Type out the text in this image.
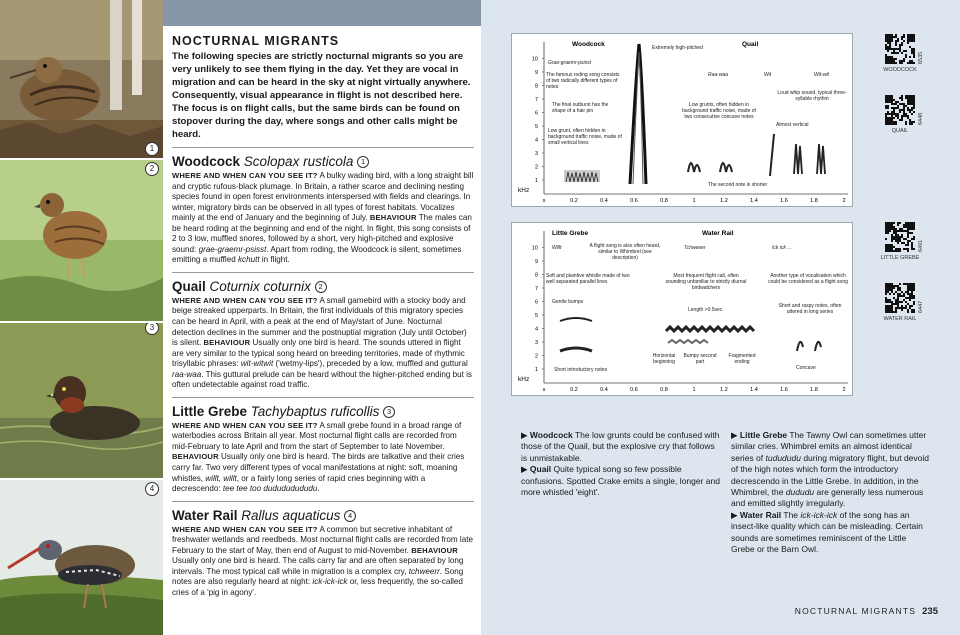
1
2
3
4
NOCTURNAL MIGRANTS

The following species are strictly nocturnal migrants so you are very unlikely to see them flying in the day. Yet they are vocal in migration and can be heard in the sky at night virtually anywhere. Consequently, visual appearance in flight is not described here. The focus is on flight calls, but the same birds can be found on stopover during the day, where songs and other calls might be heard.

Woodcock Scolopax rusticola 1

WHERE AND WHEN CAN YOU SEE IT? A bulky wading bird, with a long straight bill and cryptic rufous-black plumage. In Britain, a rather scarce and declining nesting species found in open forest environments interspersed with fields and clearings. In winter, migratory birds can be observed in all types of forest habitats. Vocalizes mainly at the end of January and the beginning of July. BEHAVIOUR The males can be heard roding at the beginning and end of the night. In flight, this song consists of 2 to 3 low, muffled snores, followed by a short, very high-pitched and explosive sound: grae-graemr-psisst. Apart from roding, the Woodcock is silent, sometimes emitting a muffled kchutt in flight.

Quail Coturnix coturnix 2

WHERE AND WHEN CAN YOU SEE IT? A small gamebird with a stocky body and beige streaked upperparts. In Britain, the first individuals of this migratory species can be heard in April, with a peak at the end of May/start of June. Nocturnal detection declines in the summer and the postnuptial migration (July until October) is silent. BEHAVIOUR Usually only one bird is heard. The sounds uttered in flight are very similar to the typical song heard on breeding territories, made of rhythmic trisyllabic phrases: wit-witwit ('wetmy-lips'), preceded by a low, muffled and guttural raa-waa. This guttural prelude can be heard without the higher-pitched ending but is often undetectable against road traffic.

Little Grebe Tachybaptus ruficollis 3

WHERE AND WHEN CAN YOU SEE IT? A small grebe found in a broad range of waterbodies across Britain all year. Most nocturnal flight calls are recorded from mid-February to late April and from the start of September to late November. BEHAVIOUR Usually only one bird is heard. The birds are talkative and their cries carry far. Two very different types of vocal manifestations at night: soft, moaning whistles, willt, willt, or a fairly long series of rapid cries beginning with a decrescendo: tee tee too dudududududu.

Water Rail Rallus aquaticus 4

WHERE AND WHEN CAN YOU SEE IT? A common but secretive inhabitant of freshwater wetlands and reedbeds. Most nocturnal flight calls are recorded from late February to the start of May, then end of August to mid-November. BEHAVIOUR Usually only one bird is heard. The calls carry far and are often separated by long intervals. The most typical call while in migration is a complex cry, tchweerr. Song notes are also regularly heard at night: ick-ick-ick or, less frequently, the so-called cries of a 'pig in agony'.

1
2
3
4
5
6
7
8
9
10
s	0.2	0.4	0.6	0.8	1	1.2	1.4	1.6	1.8	2
kHz
Woodcock	Quail
Grae-graemr-psisst
Extremely high-pitched
The famous roding song consists of two radically different types of notes
The final outburst has the shape of a hair pin
Low grunt, often hidden in background traffic noise, made of small vertical lines
Raa-waa	Wit	Wit-wit
Loud whip sound, typical three-syllable rhythm
Low grunts, often hidden in background traffic noise, made of two consecutive concave notes
Almost vertical
The second note is shorter
1
2
3
4
5
6
7
8
9
10
s	0.2	0.4	0.6	0.8	1	1.2	1.4	1.6	1.8	2
kHz
Little Grebe	Water Rail
Willt	A flight song is also often heard, similar to Whimbrel (see description)
Tchweeer	Ick ick ...
Soft and plaintive whistle made of two well separated parallel lines
Gentle bumps
Most frequent flight call, often sounding unfamiliar to strictly diurnal birdwatchers
Length >0.5sec
Another type of vocalisation which could be considered as a flight song
Short and raspy notes, often uttered in long series
Short introductory notes
Horizontal beginning
Bumpy second part
Fragmented ending
Concave
6535
WOODCOCK
6448
QUAIL
6491
LITTLE GREBE
6447
WATER RAIL

▶ Woodcock The low grunts could be confused with those of the Quail, but the explosive cry that follows is unmistakable.

▶ Quail Quite typical song so few possible confusions. Spotted Crake emits a single, longer and more whistled 'eight'.

▶ Little Grebe The Tawny Owl can sometimes utter similar cries. Whimbrel emits an almost identical series of tudududu during migratory flight, but devoid of the high notes which form the introductory decrescendo in the Little Grebe. In addition, in the Whimbrel, the dududu are generally less numerous and emitted slightly irregularly.

▶ Water Rail The ick-ick-ick of the song has an insect-like quality which can be misleading. Certain sounds are sometimes reminiscent of the Little Grebe or the Barn Owl.

NOCTURNAL MIGRANTS 235
